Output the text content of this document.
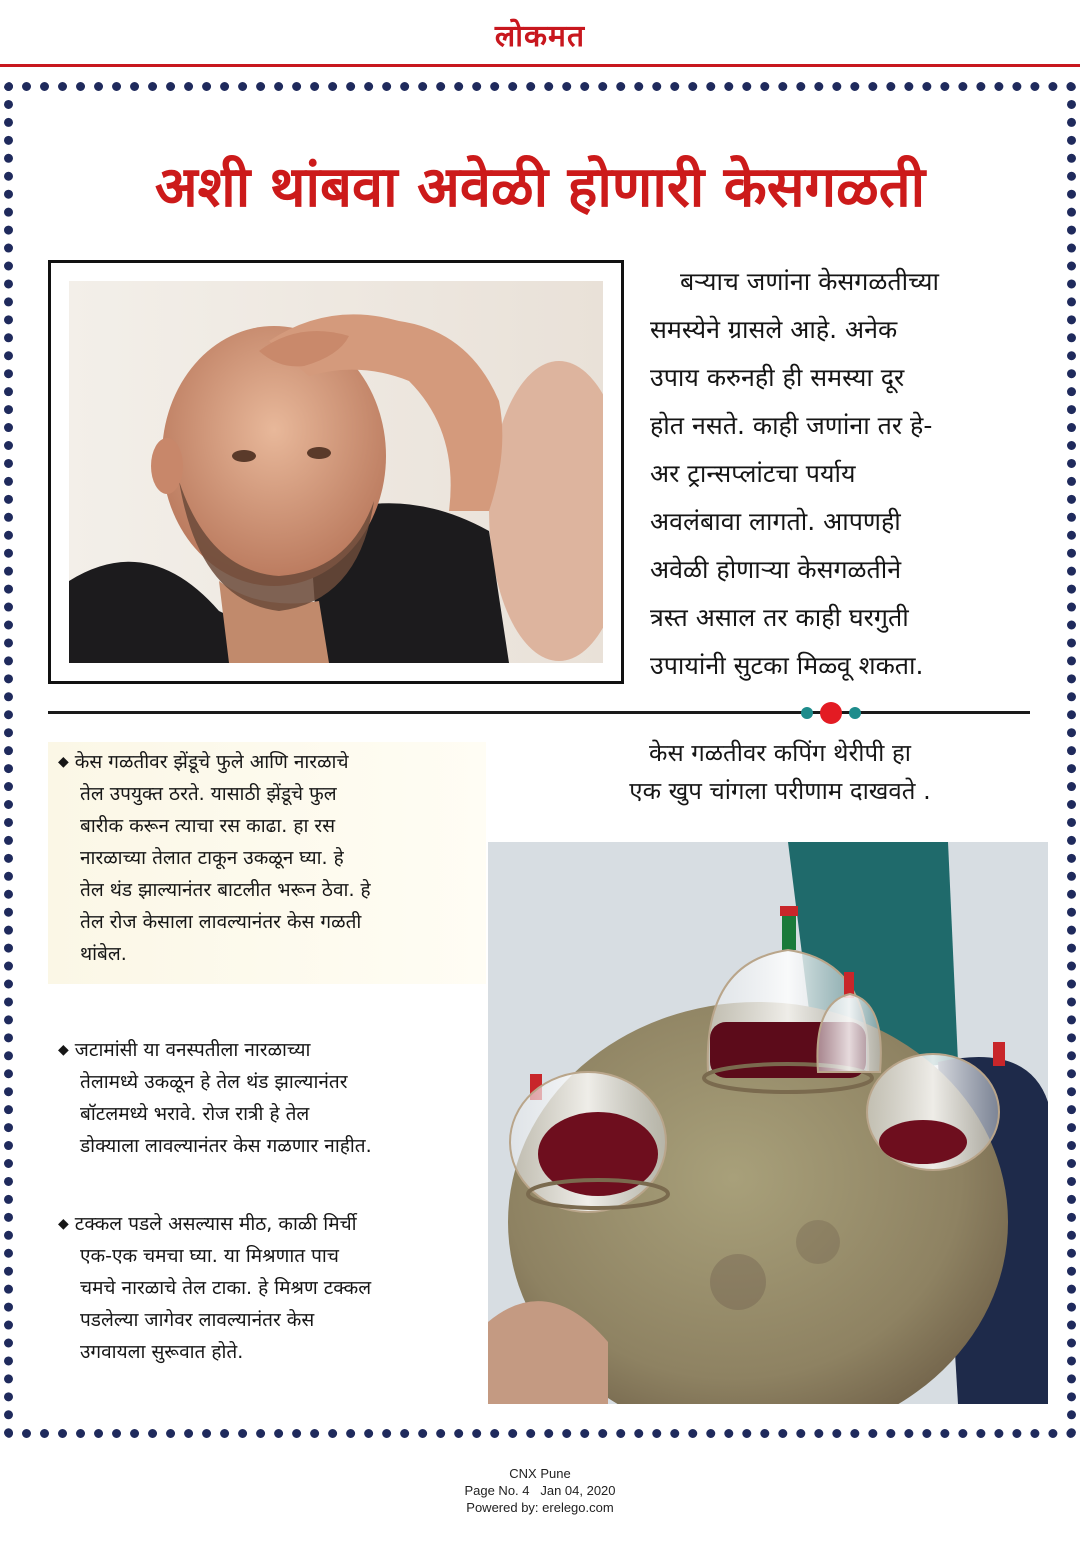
लोकमत
अशी थांबवा अवेळी होणारी केसगळती

बऱ्याच जणांना केसगळतीच्या
समस्येने ग्रासले आहे. अनेक
उपाय करुनही ही समस्या दूर
होत नसते. काही जणांना तर हे-
अर ट्रान्सप्लांटचा पर्याय
अवलंबावा लागतो. आपणही
अवेळी होणाऱ्या केसगळतीने
त्रस्त असाल तर काही घरगुती
उपायांनी सुटका मिळ्वू शकता.

◆ केस गळतीवर झेंडूचे फुले आणि नारळाचे
तेल उपयुक्त ठरते. यासाठी झेंडूचे फुल
बारीक करून त्याचा रस काढा. हा रस
नारळाच्या तेलात टाकून उकळून घ्या. हे
तेल थंड झाल्यानंतर बाटलीत भरून ठेवा. हे
तेल रोज केसाला लावल्यानंतर केस गळती
थांबेल.

◆ जटामांसी या वनस्पतीला नारळाच्या
तेलामध्ये उकळून हे तेल थंड झाल्यानंतर
बॉटलमध्ये भरावे. रोज रात्री हे तेल
डोक्याला लावल्यानंतर केस गळणार नाहीत.

◆ टक्कल पडले असल्यास मीठ, काळी मिर्ची
एक-एक चमचा घ्या. या मिश्रणात पाच
चमचे नारळाचे तेल टाका. हे मिश्रण टक्कल
पडलेल्या जागेवर लावल्यानंतर केस
उगवायला सुरूवात होते.

केस गळतीवर कपिंग थेरीपी हा
एक खुप चांगला परीणाम दाखवते .

CNX Pune
Page No. 4 Jan 04, 2020
Powered by: erelego.com
